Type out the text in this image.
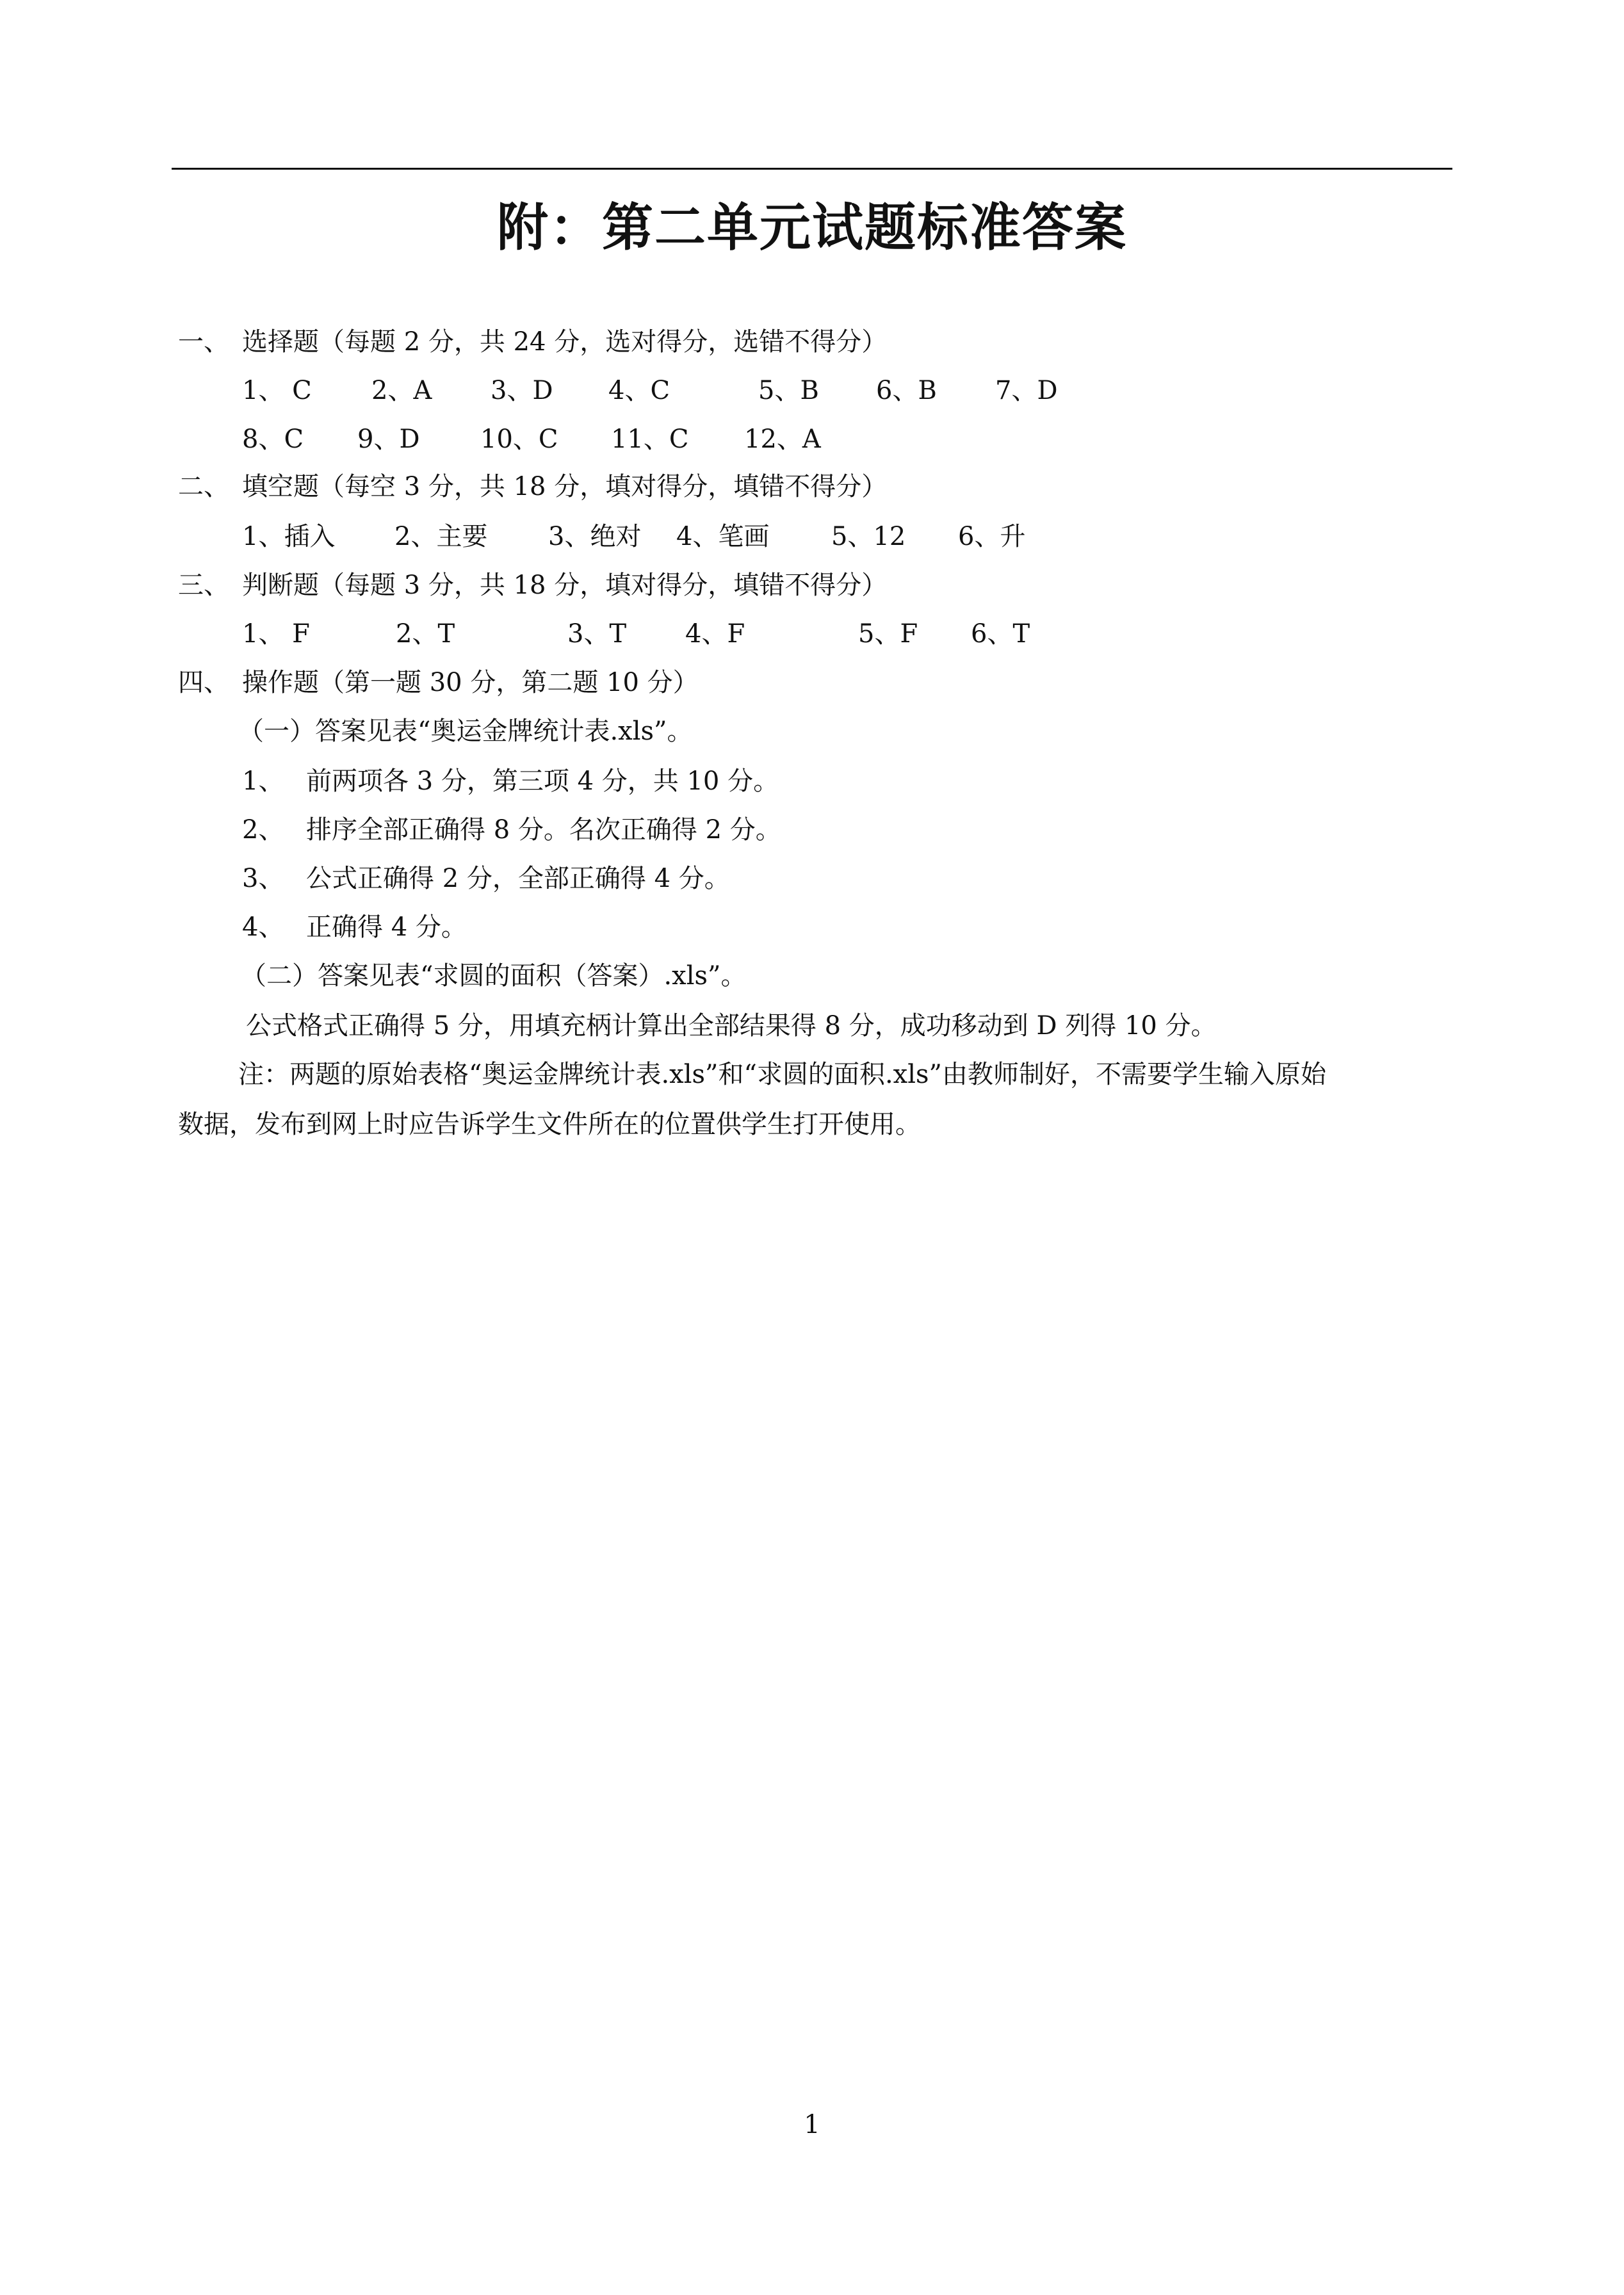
附：第二单元试题标准答案
一、 选择题（每题 2 分，共 24 分，选对得分，选错不得分）
1、 C 2、A 3、D 4、C	5、B 6、B 7、D
8、C 9、D 10、C 11、C 12、A
二、 填空题（每空 3 分，共 18 分，填对得分，填错不得分）
1、插入 2、主要 3、绝对 4、笔画 5、12 6、升
三、 判断题（每题 3 分，共 18 分，填对得分，填错不得分）
1、 F	2、T	3、T 4、F	5、F 6、T
四、 操作题（第一题 30 分，第二题 10 分）
（一）答案见表“奥运金牌统计表.xls”。
1、 前两项各 3 分，第三项 4 分，共 10 分。
2、 排序全部正确得 8 分。名次正确得 2 分。
3、 公式正确得 2 分，全部正确得 4 分。
4、 正确得 4 分。
（二）答案见表“求圆的面积（答案）.xls”。
公式格式正确得 5 分，用填充柄计算出全部结果得 8 分，成功移动到 D 列得 10 分。
注：两题的原始表格“奥运金牌统计表.xls”和“求圆的面积.xls”由教师制好，不需要学生输入原始
数据，发布到网上时应告诉学生文件所在的位置供学生打开使用。
1
